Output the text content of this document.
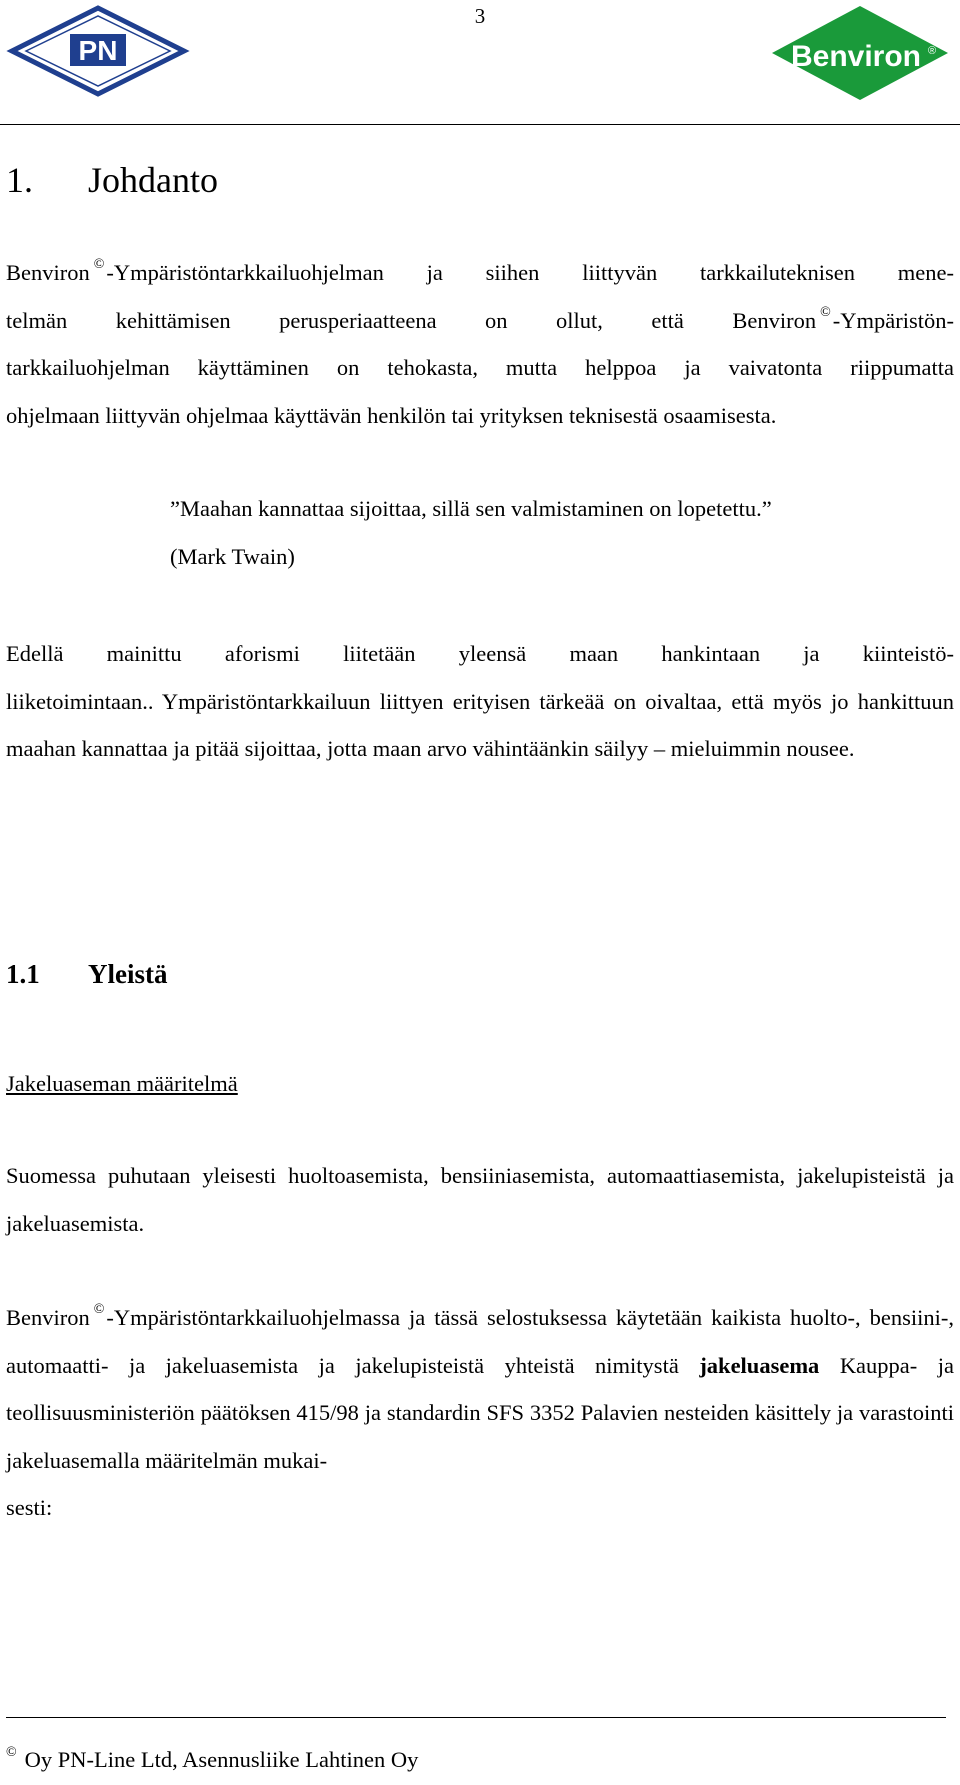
3
PN	Benviron ®
1. Johdanto
Benviron ©-Ympäristöntarkkailuohjelman ja siihen liittyvän tarkkailuteknisen mene-
telmän kehittämisen perusperiaatteena on ollut, että Benviron ©-Ympäristön-
tarkkailuohjelman käyttäminen on tehokasta, mutta helppoa ja vaivatonta riippumatta
ohjelmaan liittyvän ohjelmaa käyttävän henkilön tai yrityksen teknisestä osaamisesta.
”Maahan kannattaa sijoittaa, sillä sen valmistaminen on lopetettu.”
(Mark Twain)
Edellä mainittu aforismi liitetään yleensä maan hankintaan ja kiinteistö-
liiketoimintaan.. Ympäristöntarkkailuun liittyen erityisen tärkeää on oivaltaa, että myös jo hankittuun maahan kannattaa ja pitää sijoittaa, jotta maan arvo vähintäänkin säilyy – mieluimmin nousee.
1.1 Yleistä
Jakeluaseman määritelmä
Suomessa puhutaan yleisesti huoltoasemista, bensiiniasemista, automaattiasemista, jakelupisteistä ja jakeluasemista.
Benviron ©-Ympäristöntarkkailuohjelmassa ja tässä selostuksessa käytetään kaikista huolto-, bensiini-, automaatti- ja jakeluasemista ja jakelupisteistä yhteistä nimitystä jakeluasema Kauppa- ja teollisuusministeriön päätöksen 415/98 ja standardin SFS 3352 Palavien nesteiden käsittely ja varastointi jakeluasemalla määritelmän mukai-
sesti:
© Oy PN-Line Ltd, Asennusliike Lahtinen Oy
